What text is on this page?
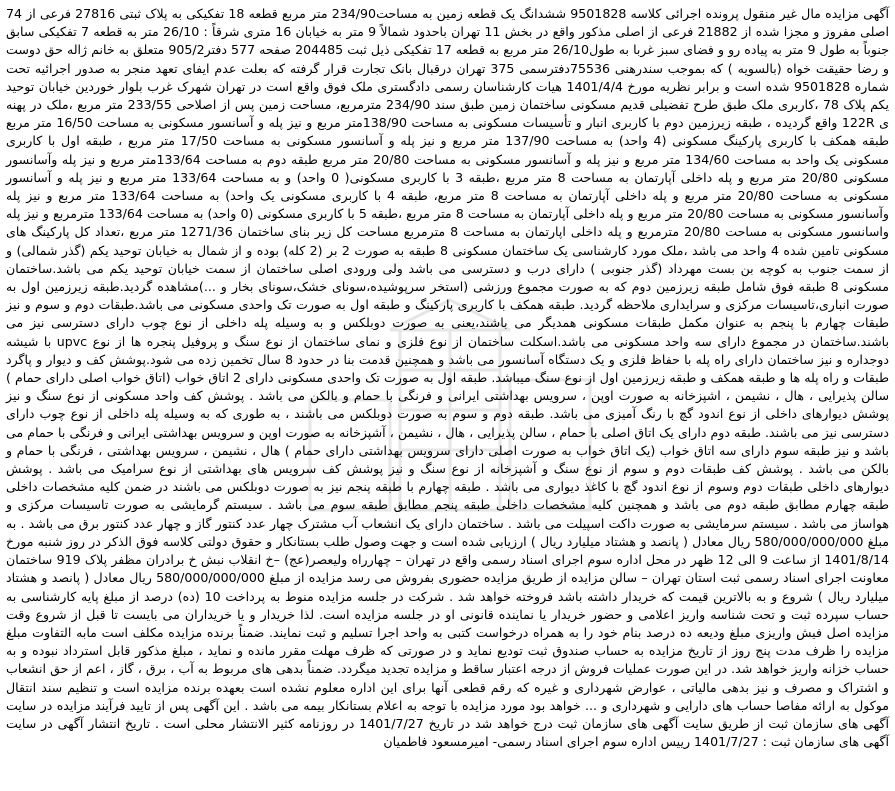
آگهی مزایده مال غیر منقول پرونده اجرائی کلاسه 9501828 ششدانگ یک قطعه زمین به مساحت234/90 متر مربع قطعه 18 تفکیکی به پلاک ثبتی 27816 فرعی از 74 اصلی مفروز و مجزا شده از 21882 فرعی از اصلی مذکور واقع در بخش 11 تهران باحدود شمالاً 9 متر به خیابان 16 متری شرقاً : 26/10 متر به قطعه 7 تفکیکی سابق جنوباً به طول 9 متر به پیاده رو و فضای سبز غربا به طول26/10 متر مربع به قطعه 17 تفکیکی ذیل ثبت 204485 صفحه 577 دفتر905/2 متعلق به خانم ژاله حق دوست و رضا حقیقت خواه (بالسویه ) که بموجب سندرهنی 75536دفترسمی 375 تهران درقبال بانک تجارت قرار گرفته که بعلت عدم ایفای تعهد منجر به صدور اجرائیه تحت شماره 9501828 شده است و برابر نظریه مورخ 1401/4/4 هیات کارشناسان رسمی دادگستری ملک فوق واقع است در تهران شهرک غرب بلوار خوردین خیابان توحید یکم پلاک 78 ،کاربری ملک طبق طرح تفضیلی قدیم مسکونی ساختمان زمین طبق سند 234/90 مترمربع، مساحت زمین پس از اصلاحی 233/55 متر مربع ،ملک در پهنه ی 122R واقع گردیده ، طبقه زیرزمین دوم با کاربری انبار و تأسیسات مسکونی به مساحت 138/90متر مربع و نیز پله و آسانسور مسکونی به مساحت 16/50 متر مربع طبقه همکف با کاربری پارکینگ مسکونی (4 واحد) به مساحت 137/90 متر مربع و نیز پله و آسانسور مسکونی به مساحت 17/50 متر مربع ، طبقه اول با کاربری مسکونی یک واحد به مساحت 134/60 متر مربع و نیز پله و آسانسور مسکونی به مساحت 20/80 متر مربع طبقه دوم به مساحت 133/64متر مربع و نیز پله وآسانسور مسکونی 20/80 متر مربع و پله داخلی آپارتمان به مساحت 8 متر مربع ،طبقه 3 با کاربری مسکونی( 0 واحد) و به مساحت 133/64 متر مربع و نیز پله و آسانسور مسکونی به مساحت 20/80 متر مربع و پله داخلی آپارتمان به مساحت 8 متر مربع، طبقه 4 با کاربری مسکونی یک واحد) به مساحت 133/64 متر مربع و نیز پله وآسانسور مسکونی به مساحت 20/80 متر مربع و پله داخلی آپارتمان به مساحت 8 متر مربع ،طبقه 5 با کاربری مسکونی (0 واحد) به مساحت 133/64 مترمربع و نیز پله واسانسور مسکونی به مساحت 20/80 مترمربع و پله داخلی اپارتمان به مساحت 8 مترمربع مساحت کل زیر بنای ساختمان 1271/36 متر مربع ،تعداد کل پارکینگ های مسکونی تامین شده 4 واحد می باشد ،ملک مورد کارشناسی یک ساختمان مسکونی 8 طبقه به صورت 2 بر (2 کله) بوده و از شمال به خیابان توحید یکم (گذر شمالی) و از سمت جنوب به کوچه بن بست مهرداد (گذر جنوبی ) دارای درب و دسترسی می باشد ولی ورودی اصلی ساختمان از سمت خیابان توحید یکم می باشد.ساختمان مسکونی 8 طبقه فوق شامل طبقه زیرزمین دوم که به صورت مجموع ورزشی (استخر سرپوشیده،سونای خشک،سونای بخار و ...)مشاهده گردید.طبقه زیرزمین اول به صورت انباری،تاسیسات مرکزی و سرایداری ملاحظه گردید. طبقه همکف با کاربری پارکینگ و طبقه اول به صورت تک واحدی مسکونی می باشد.طبقات دوم و سوم و نیز طبقات چهارم با پنجم به عنوان مکمل طبقات مسکونی همدیگر می باشند،یعنی به صورت دوبلکس و به وسیله پله داخلی از نوع چوب دارای دسترسی نیز می باشند.ساختمان در مجموع دارای سه واحد مسکونی می باشد.اسکلت ساختمان از نوع فلزی و نمای ساختمان از نوع سنگ و پروفیل پنجره ها از نوع upvc با شیشه دوجداره و نیز ساختمان دارای راه پله با حفاظ فلزی و یک دستگاه آسانسور می باشد و همچنین قدمت بنا در حدود 8 سال تخمین زده می شود.پوشش کف و دیوار و پاگرد طبقات و راه پله ها و طبقه همکف و طبقه زیرزمین اول از نوع سنگ میباشد. طبقه اول به صورت تک واحدی مسکونی دارای 2 اتاق خواب (اتاق خواب اصلی دارای حمام ) سالن پذیرایی ، هال ، نشیمن ، اشپزخانه به صورت اوپن ، سرویس بهداشتی ایرانی و فرنگی با حمام و بالکن می باشد . پوشش کف واحد مسکونی از نوع سنگ و نیز پوشش دیوارهای داخلی از نوع اندود گچ با رنگ آمیزی می باشد. طبقه دوم و سوم به صورت دوبلکس می باشند ، به طوری که به وسیله پله داخلی از نوع چوب دارای دسترسی نیز می باشند. طبقه دوم دارای یک اتاق اصلی با حمام ، سالن پذیرایی ، هال ، نشیمن ، آشپزخانه به صورت اوپن و سرویس بهداشتی ایرانی و فرنگی با حمام می باشد و نیز طبقه سوم دارای سه اتاق خواب (یک اتاق خواب به صورت اصلی دارای سرویس بهداشتی دارای حمام ) هال ، نشیمن ، سرویس بهداشتی ، فرنگی با حمام و بالکن می باشد . پوشش کف طبقات دوم و سوم از نوع سنگ و آشپزخانه از نوع سنگ و نیز پوشش کف سرویس های بهداشتی از نوع سرامیک می باشد . پوشش دیوارهای داخلی طبقات دوم وسوم از نوع اندود گچ با کاغذ دیواری می باشد . طبقه چهارم با طبقه پنجم نیز به صورت دوبلکس می باشند در ضمن کلیه مشخصات داخلی طبقه چهارم مطابق طبقه دوم می باشد و همچنین کلیه مشخصات داخلی طبقه پنجم مطابق طبقه سوم می باشد . سیستم گرمایشی به صورت تاسیسات مرکزی و هواساز می باشد . سیستم سرمایشی به صورت داکت اسپیلت می باشد . ساختمان دارای یک انشعاب آب مشترک چهار عدد کنتور گاز و چهار عدد کنتور برق می باشد . به مبلغ 580/000/000/000 ریال معادل ( پانصد و هشتاد میلیارد ریال ) ارزیابی شده است و جهت وصول طلب بستانکار و حقوق دولتی کلاسه فوق الذکر در روز شنبه مورخ 1401/8/14 از ساعت 9 الی 12 ظهر در محل اداره سوم اجرای اسناد رسمی واقع در تهران – چهارراه ولیعصر(عج) –خ انقلاب نبش خ برادران مظفر پلاک 919 ساختمان معاونت اجرای اسناد رسمی ثبت استان تهران – سالن مزایده از طریق مزایده حضوری بفروش می رسد مزایده از مبلغ 580/000/000/000 ریال معادل ( پانصد و هشتاد میلیارد ریال ) شروع و به بالاترین قیمت که خریدار داشته باشد فروخته خواهد شد . شرکت در جلسه مزایده منوط به پرداخت 10 (ده) درصد از مبلغ پایه کارشناسی به حساب سپرده ثبت و تحت شناسه واریز اعلامی و حضور خریدار یا نماینده قانونی او در جلسه مزایده است. لذا خریدار و یا خریداران می بایست تا قبل از شروع وقت مزایده اصل فیش واریزی مبلغ ودیعه ده درصد بنام خود را به همراه درخواست کتبی به واحد اجرا تسلیم و ثبت نمایند. ضمناً برنده مزایده مکلف است مابه التفاوت مبلغ مزایده را ظرف مدت پنج روز از تاریخ مزایده به حساب صندوق ثبت تودیع نماید و در صورتی که ظرف مهلت مقرر مانده و نماید ، مبلغ مذکور قابل استرداد نبوده و به حساب خزانه واریز خواهد شد. در این صورت عملیات فروش از درجه اعتبار ساقط و مزایده تجدید میگردد. ضمناً بدهی های مربوط به آب ، برق ، گاز ، اعم از حق انشعاب و اشتراک و مصرف و نیز بدهی مالیاتی ، عوارض شهرداری و غیره که رقم قطعی آنها برای این اداره معلوم نشده است بعهده برنده مزایده است و تنظیم سند انتقال موکول به ارائه مفاصا حساب های دارایی و شهرداری و ... خواهد بود مورد مزایده با توجه به اعلام بستانکار بیمه می باشد . این آگهی پس از تایید فرآیند مزایده در سایت آگهی های سازمان ثبت از طریق سایت آگهی های سازمان ثبت درج خواهد شد در تاریخ 1401/7/27 در روزنامه کثیر الانتشار محلی است . تاریخ انتشار آگهی در سایت آگهی های سازمان ثبت : 1401/7/27 رییس اداره سوم اجرای اسناد رسمی- امیرمسعود فاطمیان
